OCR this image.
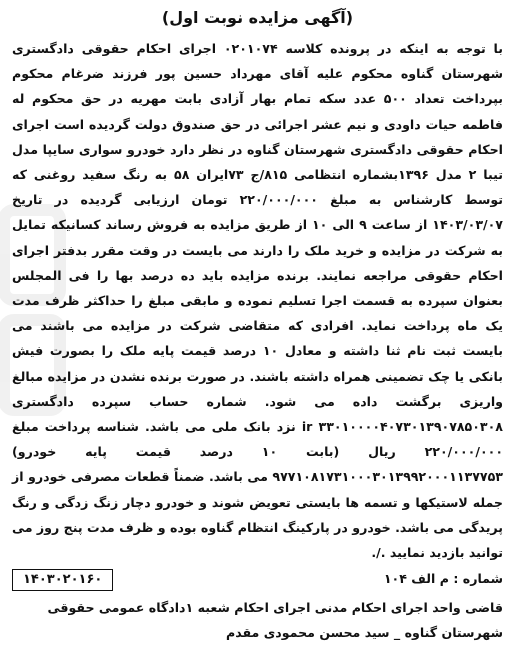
(آگهی مزایده نوبت اول)

با توجه به اینکه در پرونده کلاسه ۰۲۰۱۰۷۴ اجرای احکام حقوقی دادگستری شهرستان گناوه محکوم علیه آقای مهرداد حسین پور فرزند ضرغام محکوم بپرداخت تعداد ۵۰۰ عدد سکه تمام بهار آزادی بابت مهریه در حق محکوم له فاطمه حیات داودی و نیم عشر اجرائی در حق صندوق دولت گردیده است اجرای احکام حقوقی دادگستری شهرستان گناوه در نظر دارد خودرو سواری سایپا مدل تیبا ۲ مدل ۱۳۹۶بشماره انتظامی ۸۱۵/ج ۷۳ایران ۵۸ به رنگ سفید روغنی که توسط کارشناس به مبلغ ۲۲۰/۰۰۰/۰۰۰ تومان ارزیابی گردیده در تاریخ ۱۴۰۳/۰۳/۰۷ از ساعت ۹ الی ۱۰ از طریق مزایده به فروش رساند کسانیکه تمایل به شرکت در مزایده و خرید ملک را دارند می بایست در وقت مقرر بدفتر اجرای احکام حقوقی مراجعه نمایند. برنده مزایده باید ده درصد بها را فی المجلس بعنوان سپرده به قسمت اجرا تسلیم نموده و مابقی مبلغ را حداکثر ظرف مدت یک ماه پرداخت نماید. افرادی که متقاضی شرکت در مزایده می باشند می بایست ثبت نام ثنا داشته و معادل ۱۰ درصد قیمت پایه ملک را بصورت فیش بانکی یا چک تضمینی همراه داشته باشند. در صورت برنده نشدن در مزایده مبالغ واریزی برگشت داده می شود. شماره حساب سپرده دادگستری ۳۳۰۱۰۰۰۰۴۰۷۳۰۱۳۹۰۷۸۵۰۳۰۸ ir نزد بانک ملی می باشد. شناسه پرداخت مبلغ ۲۲۰/۰۰۰/۰۰۰ ریال (بابت ۱۰ درصد قیمت پایه خودرو) ۹۷۷۱۰۸۱۷۳۱۰۰۰۳۰۱۳۹۹۲۰۰۰۱۱۳۷۷۵۳ می باشد. ضمناً قطعات مصرفی خودرو از جمله لاستیکها و تسمه ها بایستی تعویض شوند و خودرو دچار زنگ زدگی و رنگ پریدگی می باشد. خودرو در پارکینگ انتظام گناوه بوده و ظرف مدت پنج روز می توانید بازدید نمایید ./.

شماره : م الف ۱۰۴
قاضی واحد اجرای احکام مدنی اجرای احکام شعبه ۱دادگاه عمومی حقوقی
شهرستان گناوه _ سید محسن محمودی مقدم
۱۴۰۳۰۲۰۱۶۰
